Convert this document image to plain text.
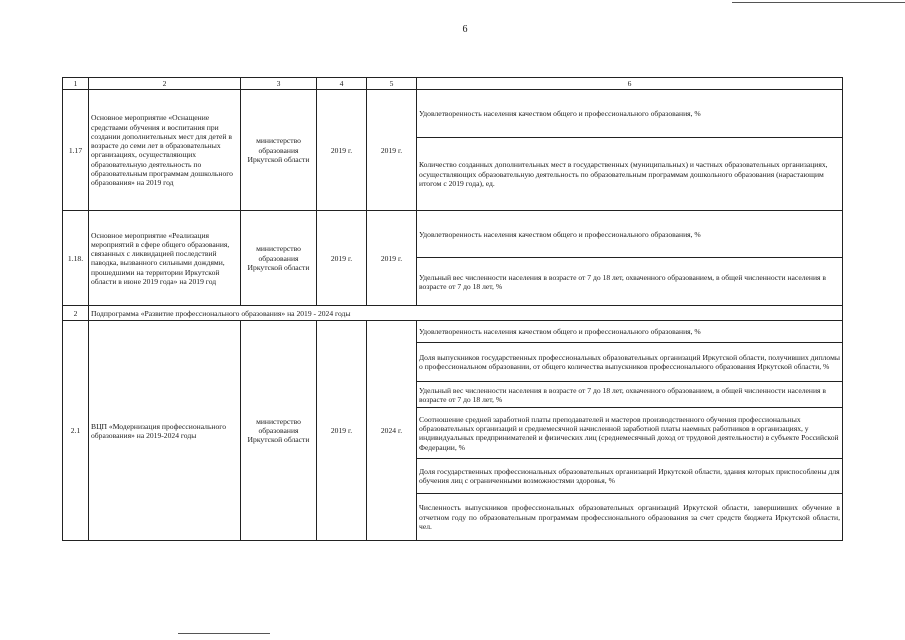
6
1	2	3	4	5	6
1.17	Основное мероприятие «Оснащение средствами обучения и воспитания при создании дополнительных мест для детей в возрасте до семи лет в образовательных организациях, осуществляющих образовательную деятельность по образовательным программам дошкольного образования» на 2019 год	министерство образования Иркутской области	2019 г.	2019 г.	Удовлетворенность населения качеством общего и профессионального образования, %
					Количество созданных дополнительных мест в государственных (муниципальных) и частных образовательных организациях, осуществляющих образовательную деятельность по образовательным программам дошкольного образования (нарастающим итогом с 2019 года), ед.
1.18.	Основное мероприятие «Реализация мероприятий в сфере общего образования, связанных с ликвидацией последствий паводка, вызванного сильными дождями, прошедшими на территории Иркутской области в июне 2019 года» на 2019 год	министерство образования Иркутской области	2019 г.	2019 г.	Удовлетворенность населения качеством общего и профессионального образования, %
					Удельный вес численности населения в возрасте от 7 до 18 лет, охваченного образованием, в общей численности населения в возрасте от 7 до 18 лет, %
2	Подпрограмма «Развитие профессионального образования» на 2019 - 2024 годы				
2.1	ВЦП «Модернизация профессионального образования» на 2019-2024 годы	министерство образования Иркутской области	2019 г.	2024 г.	Удовлетворенность населения качеством общего и профессионального образования, %
					Доля выпускников государственных профессиональных образовательных организаций Иркутской области, получивших дипломы о профессиональном образовании, от общего количества выпускников профессионального образования Иркутской области, %
					Удельный вес численности населения в возрасте от 7 до 18 лет, охваченного образованием, в общей численности населения в возрасте от 7 до 18 лет, %
					Соотношение средней заработной платы преподавателей и мастеров производственного обучения профессиональных образовательных организаций и среднемесячной начисленной заработной платы наемных работников в организациях, у индивидуальных предпринимателей и физических лиц (среднемесячный доход от трудовой деятельности) в субъекте Российской Федерации, %
					Доля государственных профессиональных образовательных организаций Иркутской области, здания которых приспособлены для обучения лиц с ограниченными возможностями здоровья, %
					Численность выпускников профессиональных образовательных организаций Иркутской области, завершивших обучение в отчетном году по образовательным программам профессионального образования за счет средств бюджета Иркутской области, чел.
